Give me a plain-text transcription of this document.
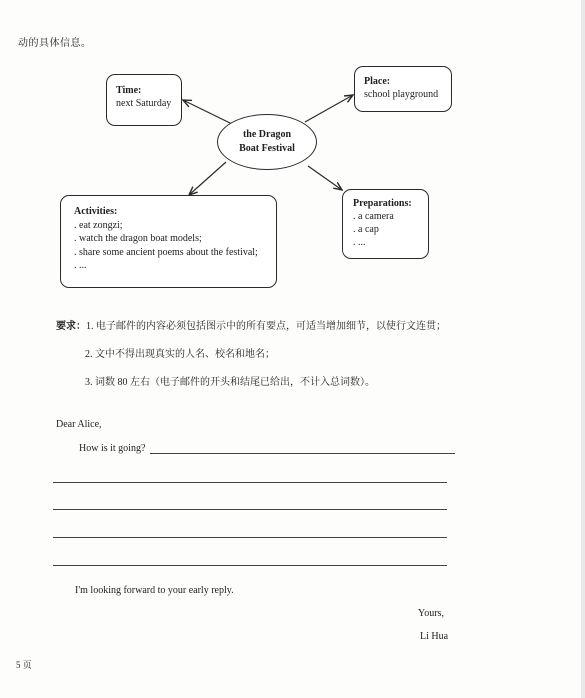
动的具体信息。
Time:
next Saturday
Place:
school playground
the Dragon
Boat Festival
Preparations:
. a camera
. a cap
. ...
Activities:
. eat zongzi;
. watch the dragon boat models;
. share some ancient poems about the festival;
. ...
要求：1. 电子邮件的内容必须包括图示中的所有要点，可适当增加细节，以使行文连贯；
2. 文中不得出现真实的人名、校名和地名；
3. 词数 80 左右（电子邮件的开头和结尾已给出，不计入总词数）。
Dear Alice,
How is it going?
I'm looking forward to your early reply.
Yours,
Li Hua
5 页
